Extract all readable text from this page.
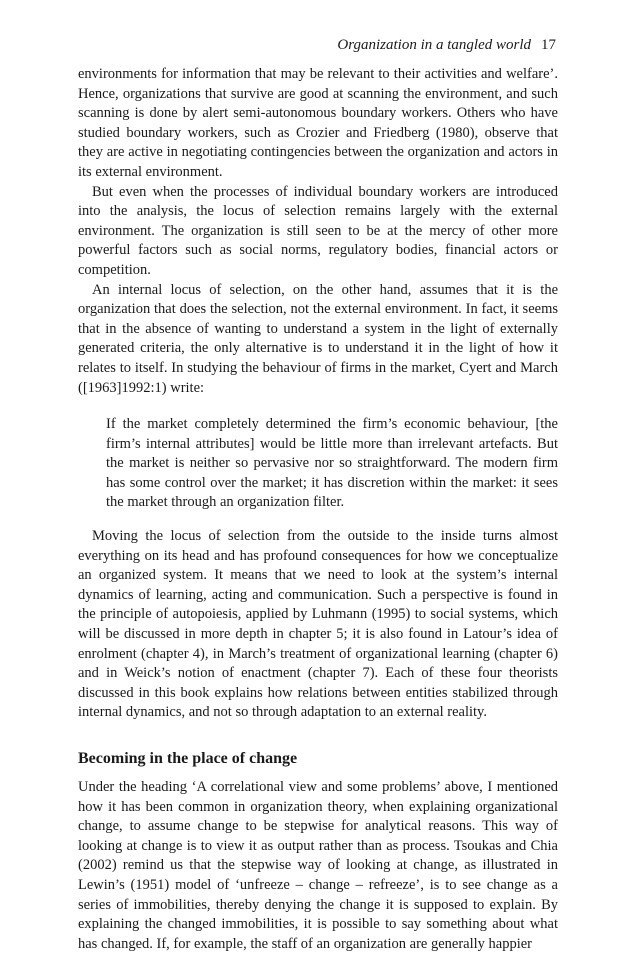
Organization in a tangled world 17

environments for information that may be relevant to their activities and welfare’. Hence, organizations that survive are good at scanning the environment, and such scanning is done by alert semi-autonomous boundary workers. Others who have studied boundary workers, such as Crozier and Friedberg (1980), observe that they are active in negotiating contingencies between the organization and actors in its external environment.

But even when the processes of individual boundary workers are introduced into the analysis, the locus of selection remains largely with the external environment. The organization is still seen to be at the mercy of other more powerful factors such as social norms, regulatory bodies, financial actors or competition.

An internal locus of selection, on the other hand, assumes that it is the organization that does the selection, not the external environment. In fact, it seems that in the absence of wanting to understand a system in the light of externally generated criteria, the only alternative is to understand it in the light of how it relates to itself. In studying the behaviour of firms in the market, Cyert and March ([1963]1992:1) write:

If the market completely determined the firm’s economic behaviour, [the firm’s internal attributes] would be little more than irrelevant artefacts. But the market is neither so pervasive nor so straightforward. The modern firm has some control over the market; it has discretion within the market: it sees the market through an organization filter.

Moving the locus of selection from the outside to the inside turns almost everything on its head and has profound consequences for how we conceptualize an organized system. It means that we need to look at the system’s internal dynamics of learning, acting and communication. Such a perspective is found in the principle of autopoiesis, applied by Luhmann (1995) to social systems, which will be discussed in more depth in chapter 5; it is also found in Latour’s idea of enrolment (chapter 4), in March’s treatment of organizational learning (chapter 6) and in Weick’s notion of enactment (chapter 7). Each of these four theorists discussed in this book explains how relations between entities stabilized through internal dynamics, and not so through adaptation to an external reality.

Becoming in the place of change

Under the heading ‘A correlational view and some problems’ above, I mentioned how it has been common in organization theory, when explaining organizational change, to assume change to be stepwise for analytical reasons. This way of looking at change is to view it as output rather than as process. Tsoukas and Chia (2002) remind us that the stepwise way of looking at change, as illustrated in Lewin’s (1951) model of ‘unfreeze – change – refreeze’, is to see change as a series of immobilities, thereby denying the change it is supposed to explain. By explaining the changed immobilities, it is possible to say something about what has changed. If, for example, the staff of an organization are generally happier
